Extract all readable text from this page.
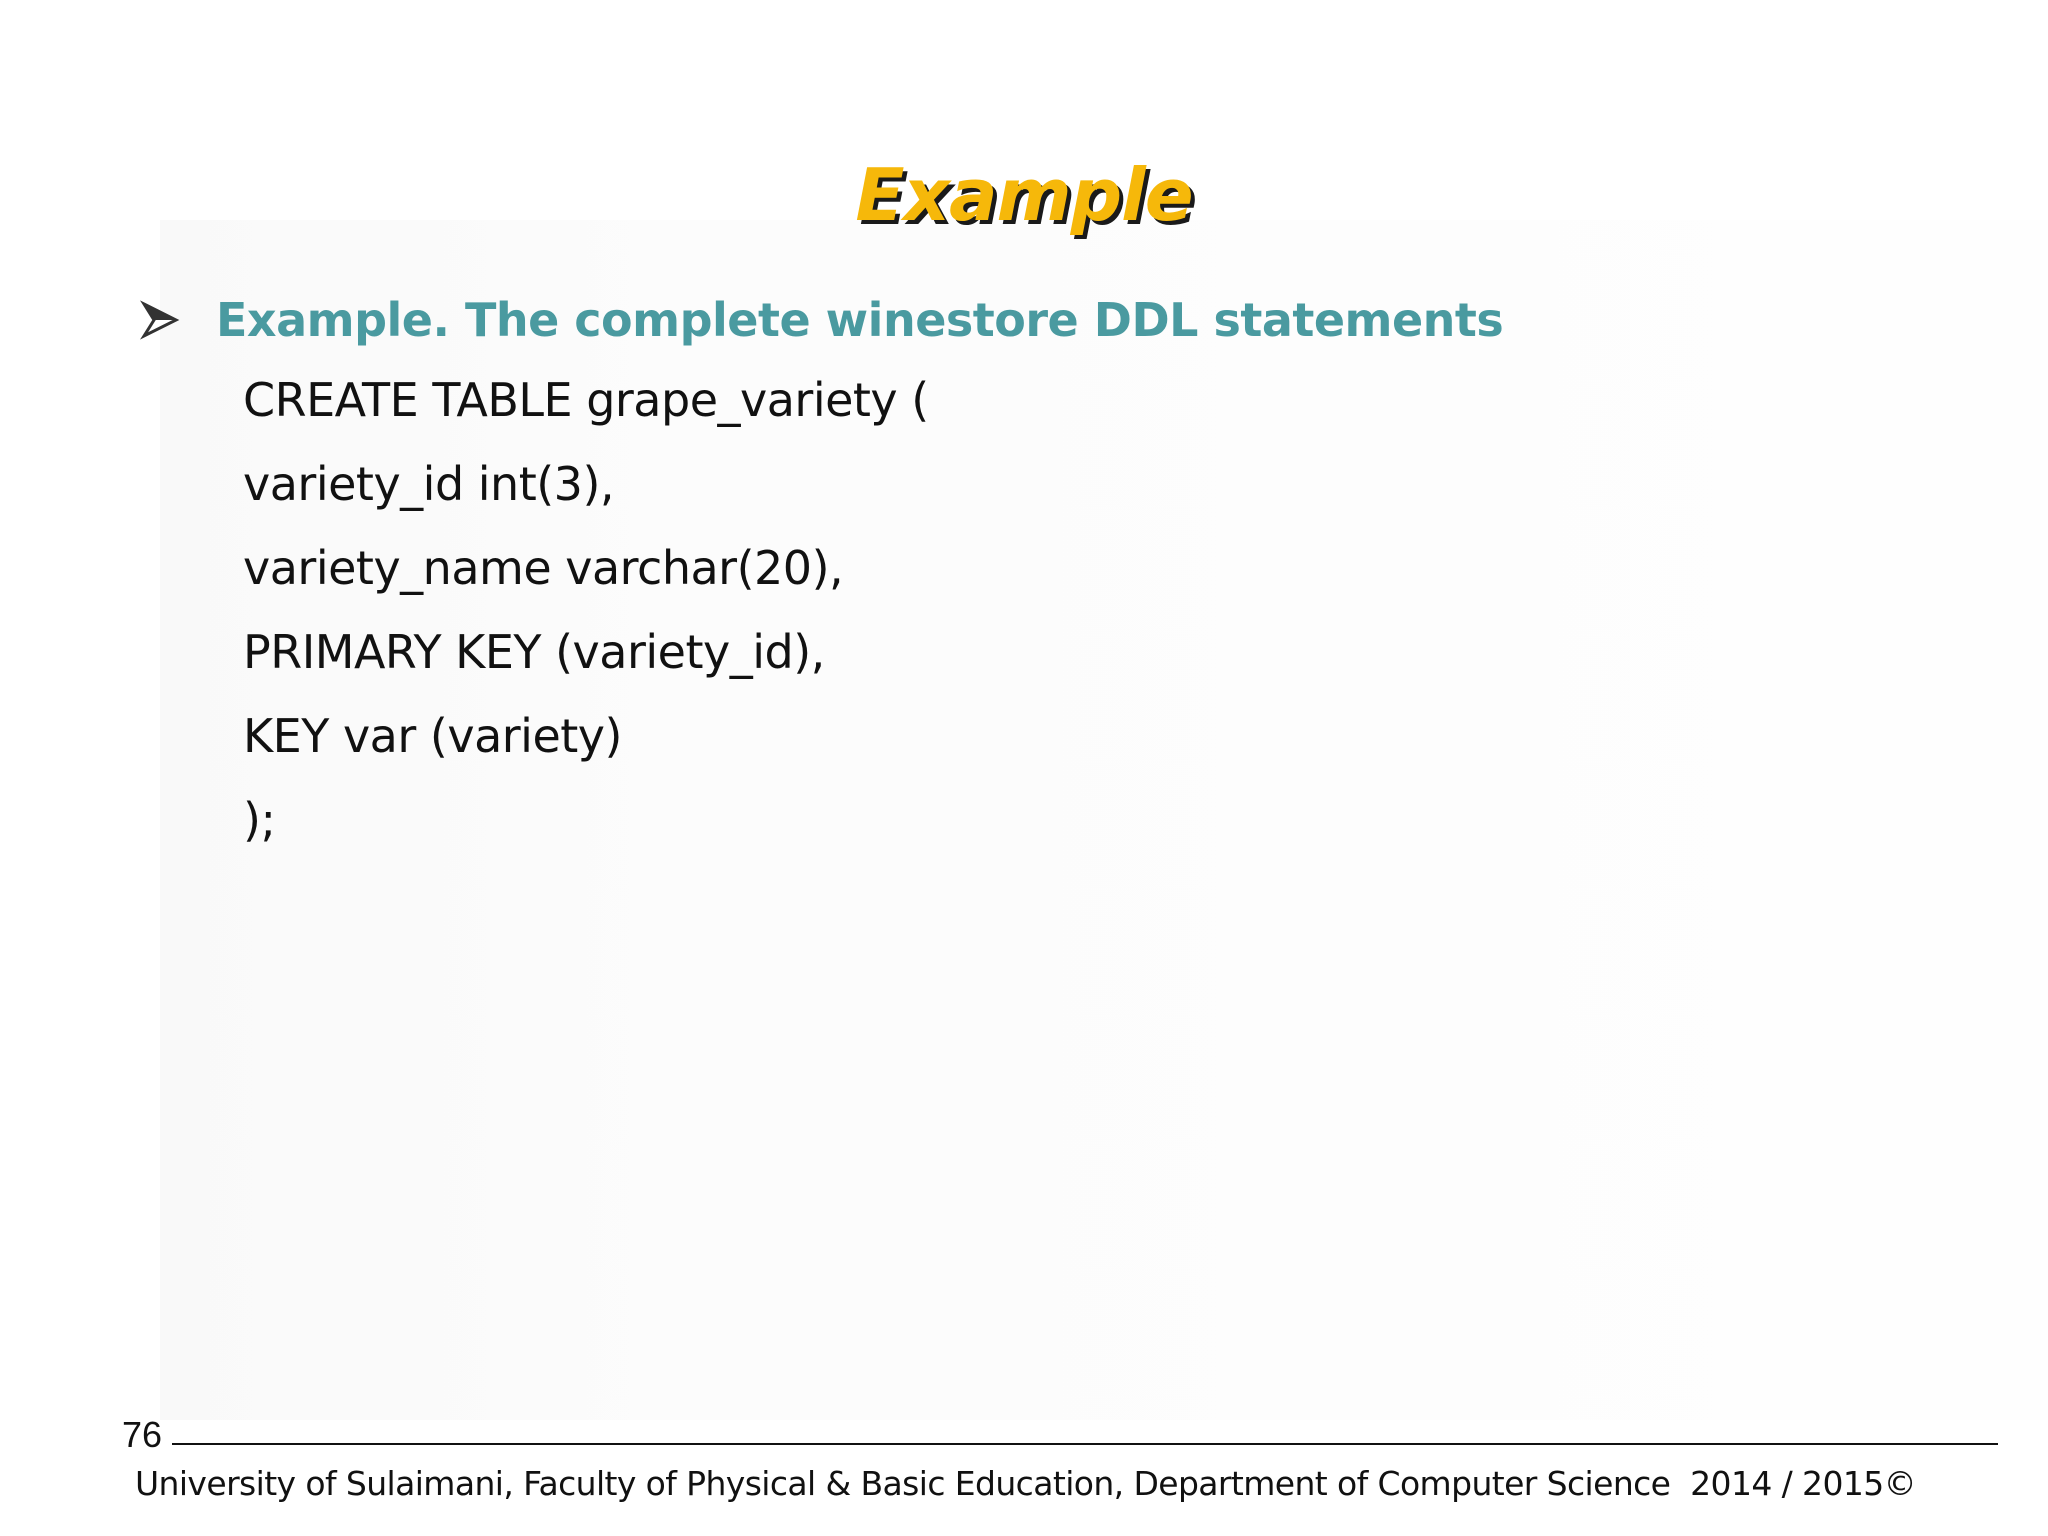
Example
Example. The complete winestore DDL statements
CREATE TABLE grape_variety (
variety_id int(3),
variety_name varchar(20),
PRIMARY KEY (variety_id),
KEY var (variety)
);
76
University of Sulaimani, Faculty of Physical & Basic Education, Department of Computer Science  2014 / 2015©
